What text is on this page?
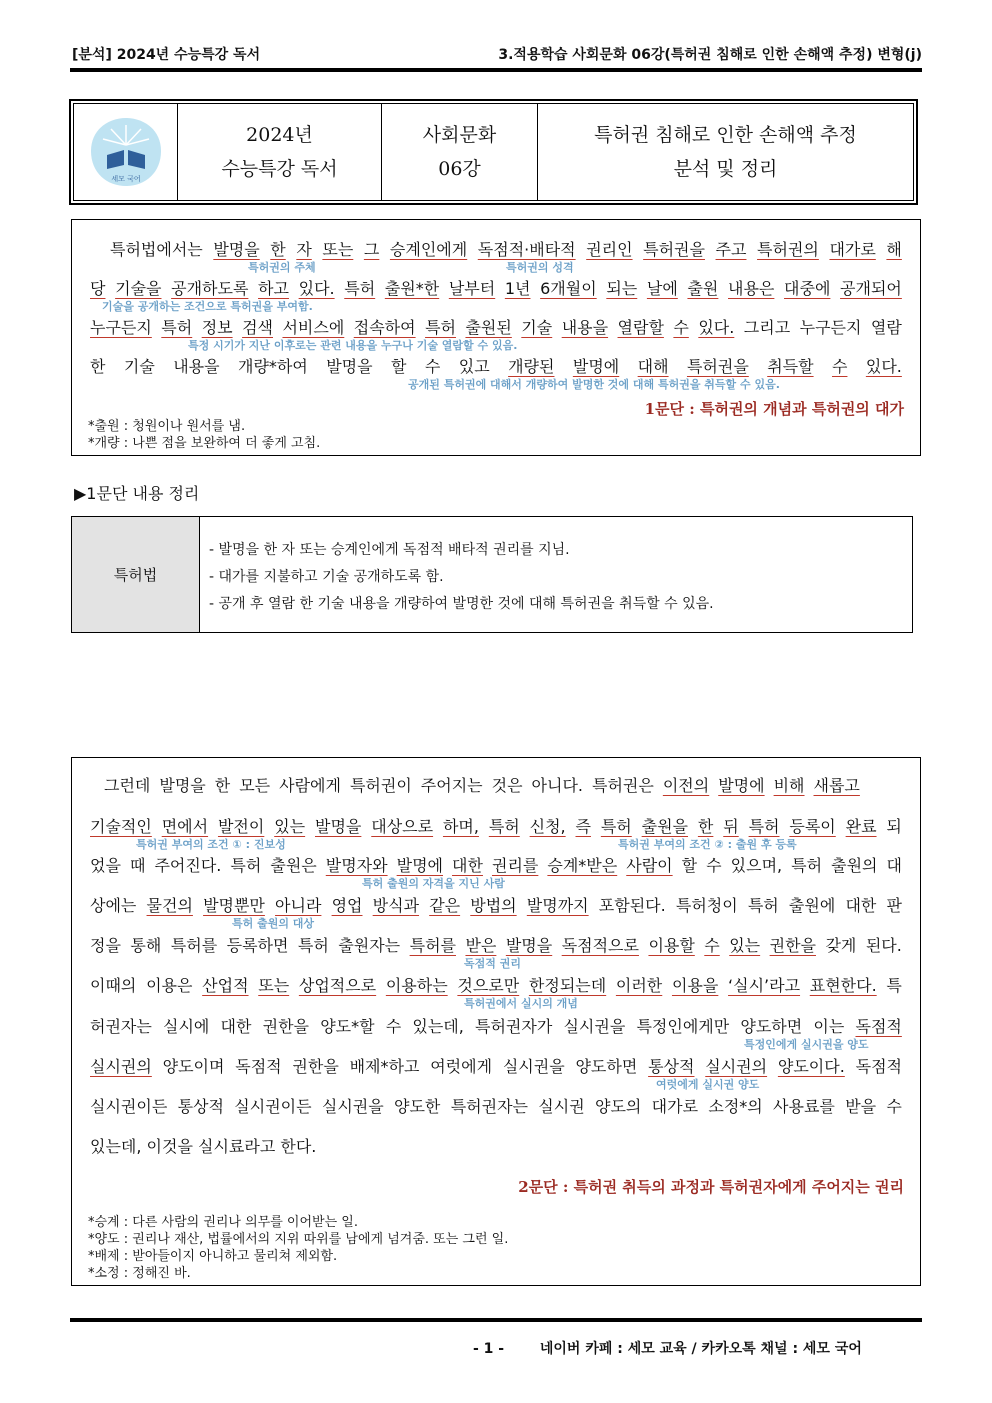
[분석] 2024년 수능특강 독서	3.적용학습 사회문화 06강(특허권 침해로 인한 손해액 추정) 변형(j)
세모 국어
2024년
수능특강 독서
사회문화
06강
특허권 침해로 인한 손해액 추정
분석 및 정리
특허법에서는 발명을 한 자 또는 그 승계인에게 독점적·배타적 권리인 특허권을 주고 특허권의 대가로 해
특허권의 주체	특허권의 성격
당 기술을 공개하도록 하고 있다. 특허 출원*한 날부터 1년 6개월이 되는 날에 출원 내용은 대중에 공개되어
기술을 공개하는 조건으로 특허권을 부여함.
누구든지 특허 정보 검색 서비스에 접속하여 특허 출원된 기술 내용을 열람할 수 있다. 그리고 누구든지 열람
특정 시기가 지난 이후로는 관련 내용을 누구나 기술 열람할 수 있음.
한 기술 내용을 개량*하여 발명을 할 수 있고 개량된 발명에 대해 특허권을 취득할 수 있다.
공개된 특허권에 대해서 개량하여 발명한 것에 대해 특허권을 취득할 수 있음.
1문단 : 특허권의 개념과 특허권의 대가
*출원 : 청원이나 원서를 냄.
*개량 : 나쁜 점을 보완하여 더 좋게 고침.
▶1문단 내용 정리
특허법
- 발명을 한 자 또는 승계인에게 독점적 배타적 권리를 지님.
- 대가를 지불하고 기술 공개하도록 함.
- 공개 후 열람 한 기술 내용을 개량하여 발명한 것에 대해 특허권을 취득할 수 있음.
그런데 발명을 한 모든 사람에게 특허권이 주어지는 것은 아니다. 특허권은 이전의 발명에 비해 새롭고
기술적인 면에서 발전이 있는 발명을 대상으로 하며, 특허 신청, 즉 특허 출원을 한 뒤 특허 등록이 완료 되
특허권 부여의 조건 ① : 진보성	특허권 부여의 조건 ② : 출원 후 등록
었을 때 주어진다. 특허 출원은 발명자와 발명에 대한 권리를 승계*받은 사람이 할 수 있으며, 특허 출원의 대
특허 출원의 자격을 지닌 사람
상에는 물건의 발명뿐만 아니라 영업 방식과 같은 방법의 발명까지 포함된다. 특허청이 특허 출원에 대한 판
특허 출원의 대상
정을 통해 특허를 등록하면 특허 출원자는 특허를 받은 발명을 독점적으로 이용할 수 있는 권한을 갖게 된다.
독점적 권리
이때의 이용은 산업적 또는 상업적으로 이용하는 것으로만 한정되는데 이러한 이용을 ‘실시’라고 표현한다. 특
특허권에서 실시의 개념
허권자는 실시에 대한 권한을 양도*할 수 있는데, 특허권자가 실시권을 특정인에게만 양도하면 이는 독점적
특정인에게 실시권을 양도
실시권의 양도이며 독점적 권한을 배제*하고 여럿에게 실시권을 양도하면 통상적 실시권의 양도이다. 독점적
여럿에게 실시권 양도
실시권이든 통상적 실시권이든 실시권을 양도한 특허권자는 실시권 양도의 대가로 소정*의 사용료를 받을 수
있는데, 이것을 실시료라고 한다.
2문단 : 특허권 취득의 과정과 특허권자에게 주어지는 권리
*승계 : 다른 사람의 권리나 의무를 이어받는 일.
*양도 : 권리나 재산, 법률에서의 지위 따위를 남에게 넘겨줌. 또는 그런 일.
*배제 : 받아들이지 아니하고 물리쳐 제외함.
*소정 : 정해진 바.
- 1 -	네이버 카페 : 세모 교육 / 카카오톡 채널 : 세모 국어
